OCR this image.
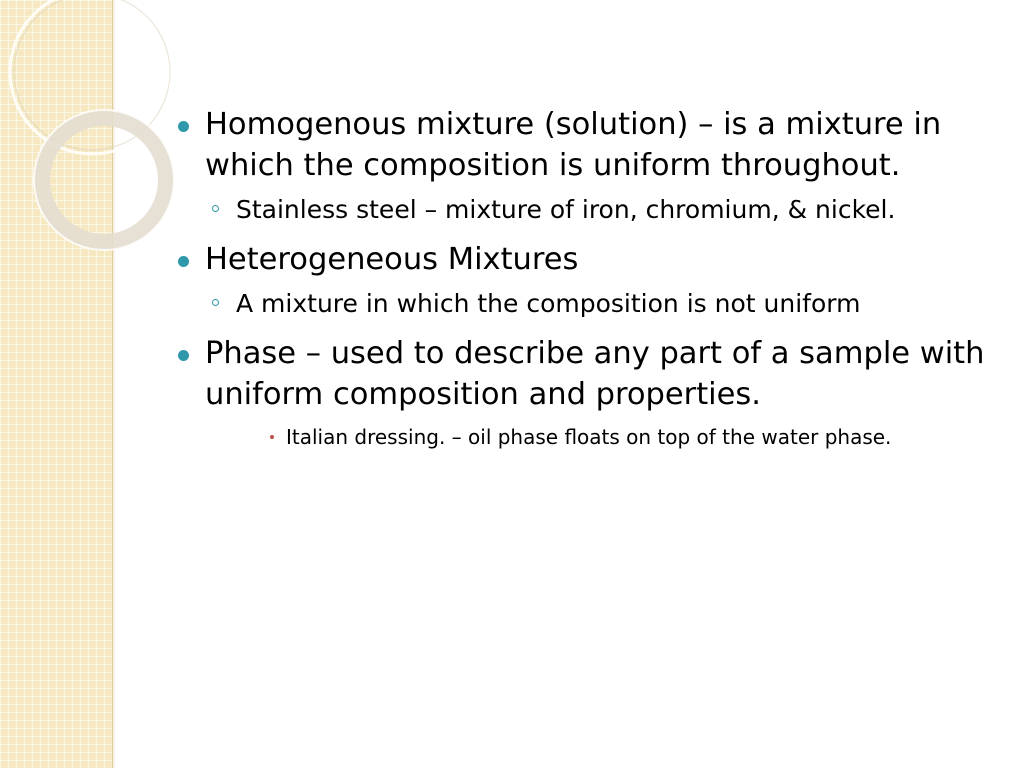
Homogenous mixture (solution) – is a mixture in which the composition is uniform throughout.
Stainless steel – mixture of iron, chromium, & nickel.
Heterogeneous Mixtures
A mixture in which the composition is not uniform
Phase – used to describe any part of a sample with uniform composition and properties.
Italian dressing. – oil phase floats on top of the water phase.
